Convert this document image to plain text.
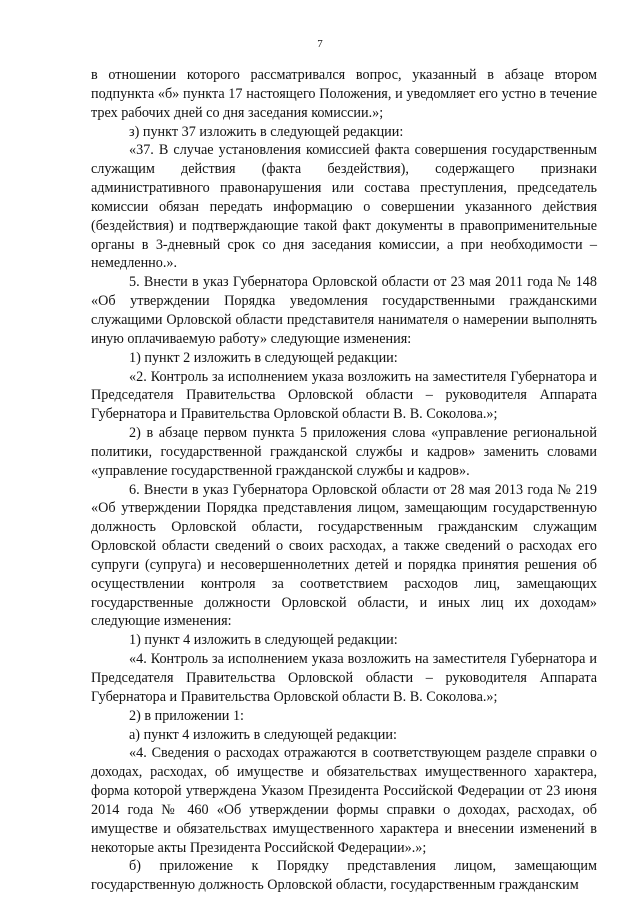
7

в отношении которого рассматривался вопрос, указанный в абзаце втором подпункта «б» пункта 17 настоящего Положения, и уведомляет его устно в течение трех рабочих дней со дня заседания комиссии.»;

з) пункт 37 изложить в следующей редакции:

«37. В случае установления комиссией факта совершения государственным служащим действия (факта бездействия), содержащего признаки административного правонарушения или состава преступления, председатель комиссии обязан передать информацию о совершении указанного действия (бездействия) и подтверждающие такой факт документы в правоприменительные органы в 3-дневный срок со дня заседания комиссии, а при необходимости – немедленно.».

5. Внести в указ Губернатора Орловской области от 23 мая 2011 года № 148 «Об утверждении Порядка уведомления государственными гражданскими служащими Орловской области представителя нанимателя о намерении выполнять иную оплачиваемую работу» следующие изменения:

1) пункт 2 изложить в следующей редакции:

«2. Контроль за исполнением указа возложить на заместителя Губернатора и Председателя Правительства Орловской области – руководителя Аппарата Губернатора и Правительства Орловской области В. В. Соколова.»;

2) в абзаце первом пункта 5 приложения слова «управление региональной политики, государственной гражданской службы и кадров» заменить словами «управление государственной гражданской службы и кадров».

6. Внести в указ Губернатора Орловской области от 28 мая 2013 года № 219 «Об утверждении Порядка представления лицом, замещающим государственную должность Орловской области, государственным гражданским служащим Орловской области сведений о своих расходах, а также сведений о расходах его супруги (супруга) и несовершеннолетних детей и порядка принятия решения об осуществлении контроля за соответствием расходов лиц, замещающих государственные должности Орловской области, и иных лиц их доходам» следующие изменения:

1) пункт 4 изложить в следующей редакции:

«4. Контроль за исполнением указа возложить на заместителя Губернатора и Председателя Правительства Орловской области – руководителя Аппарата Губернатора и Правительства Орловской области В. В. Соколова.»;

2) в приложении 1:

а) пункт 4 изложить в следующей редакции:

«4. Сведения о расходах отражаются в соответствующем разделе справки о доходах, расходах, об имуществе и обязательствах имущественного характера, форма которой утверждена Указом Президента Российской Федерации от 23 июня 2014 года № 460 «Об утверждении формы справки о доходах, расходах, об имуществе и обязательствах имущественного характера и внесении изменений в некоторые акты Президента Российской Федерации».»;

б) приложение к Порядку представления лицом, замещающим государственную должность Орловской области, государственным гражданским
